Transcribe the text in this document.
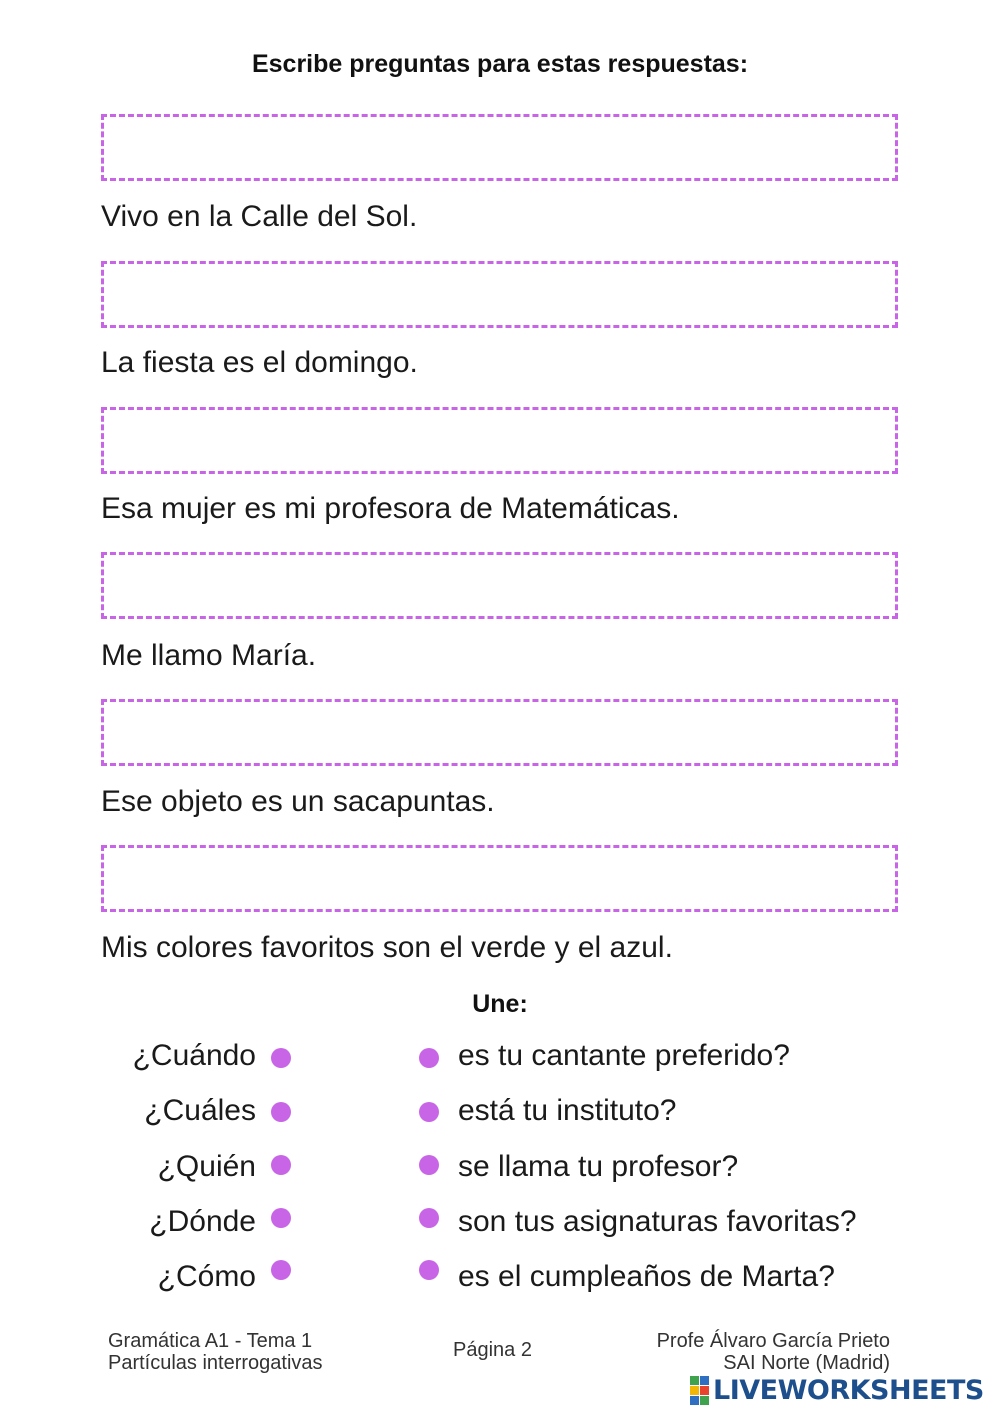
Escribe preguntas para estas respuestas:
Vivo en la Calle del Sol.
La fiesta es el domingo.
Esa mujer es mi profesora de Matemáticas.
Me llamo María.
Ese objeto es un sacapuntas.
Mis colores favoritos son el verde y el azul.
Une:
¿Cuándo	es tu cantante preferido?
¿Cuáles	está tu instituto?
¿Quién	se llama tu profesor?
¿Dónde	son tus asignaturas favoritas?
¿Cómo	es el cumpleaños de Marta?
Gramática A1 - Tema 1
Partículas interrogativas
Página 2	Profe Álvaro García Prieto
SAI Norte (Madrid)
LIVEWORKSHEETS
